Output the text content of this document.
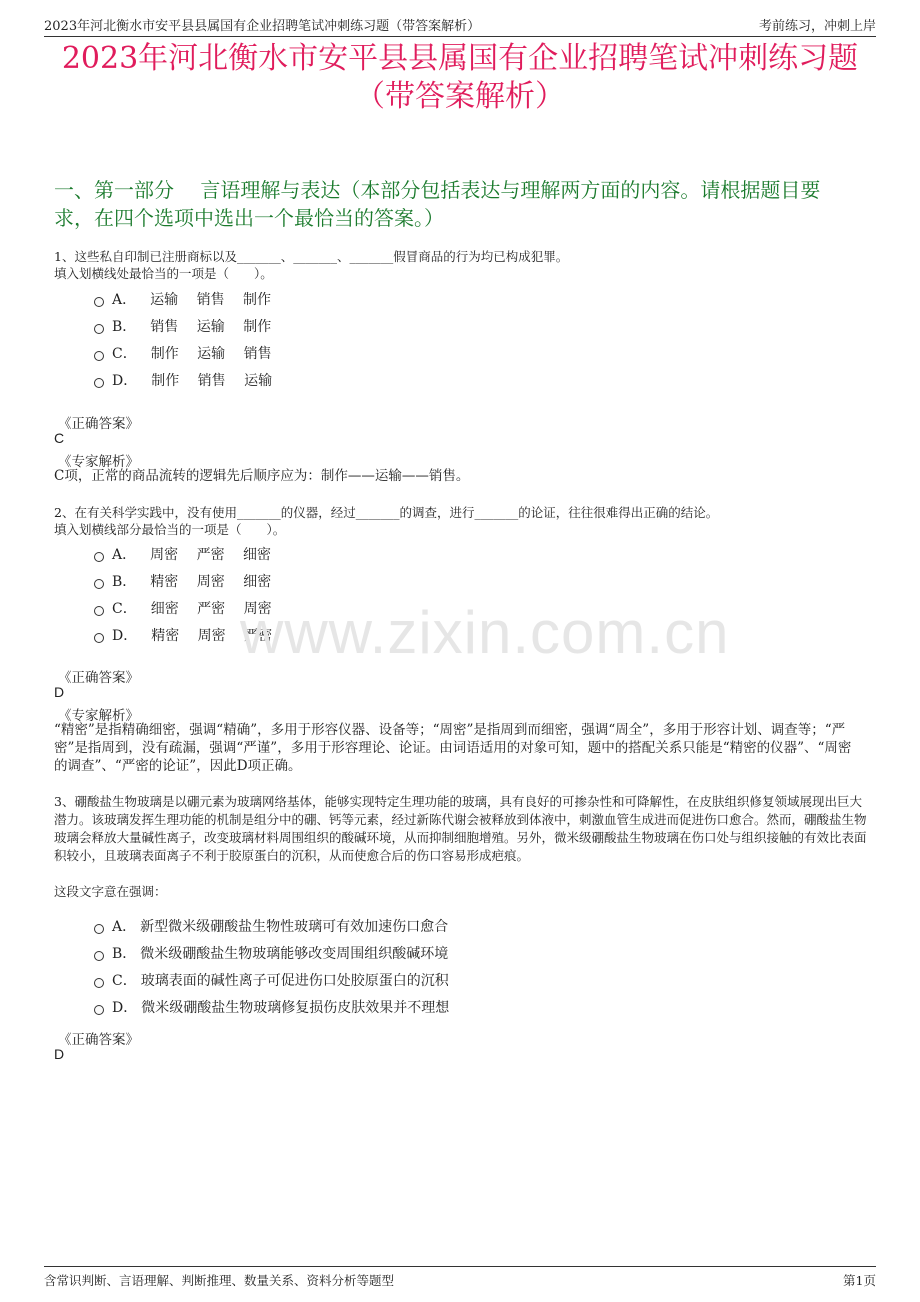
2023年河北衡水市安平县县属国有企业招聘笔试冲刺练习题（带答案解析）	考前练习，冲刺上岸
2023年河北衡水市安平县县属国有企业招聘笔试冲刺练习题
（带答案解析）
一、第一部分　 言语理解与表达（本部分包括表达与理解两方面的内容。请根据题目要求，在四个选项中选出一个最恰当的答案。）
1、这些私自印制已注册商标以及_______、_______、_______假冒商品的行为均已构成犯罪。
填入划横线处最恰当的一项是（　　）。
A． 运输　 销售　 制作
B． 销售　 运输　 制作
C． 制作　 运输　 销售
D． 制作　 销售　 运输
《正确答案》
C
《专家解析》
C项，正常的商品流转的逻辑先后顺序应为：制作——运输——销售。
2、在有关科学实践中，没有使用_______的仪器，经过_______的调查，进行_______的论证，往往很难得出正确的结论。
填入划横线部分最恰当的一项是（　　）。
A． 周密　 严密　 细密
B． 精密　 周密　 细密
C． 细密　 严密　 周密
D． 精密　 周密　 严密
www.zixin.com.cn
《正确答案》
D
《专家解析》
“精密”是指精确细密，强调“精确”，多用于形容仪器、设备等；“周密”是指周到而细密，强调“周全”，多用于形容计划、调查等；“严密”是指周到，没有疏漏，强调“严谨”，多用于形容理论、论证。由词语适用的对象可知，题中的搭配关系只能是“精密的仪器”、“周密的调查”、“严密的论证”，因此D项正确。
3、硼酸盐生物玻璃是以硼元素为玻璃网络基体，能够实现特定生理功能的玻璃，具有良好的可掺杂性和可降解性，在皮肤组织修复领域展现出巨大潜力。该玻璃发挥生理功能的机制是组分中的硼、钙等元素，经过新陈代谢会被释放到体液中，刺激血管生成进而促进伤口愈合。然而，硼酸盐生物玻璃会释放大量碱性离子，改变玻璃材料周围组织的酸碱环境，从而抑制细胞增殖。另外，微米级硼酸盐生物玻璃在伤口处与组织接触的有效比表面积较小，且玻璃表面离子不利于胶原蛋白的沉积，从而使愈合后的伤口容易形成疤痕。
这段文字意在强调：
A． 新型微米级硼酸盐生物性玻璃可有效加速伤口愈合
B． 微米级硼酸盐生物玻璃能够改变周围组织酸碱环境
C． 玻璃表面的碱性离子可促进伤口处胶原蛋白的沉积
D． 微米级硼酸盐生物玻璃修复损伤皮肤效果并不理想
《正确答案》
D
含常识判断、言语理解、判断推理、数量关系、资料分析等题型	第1页
